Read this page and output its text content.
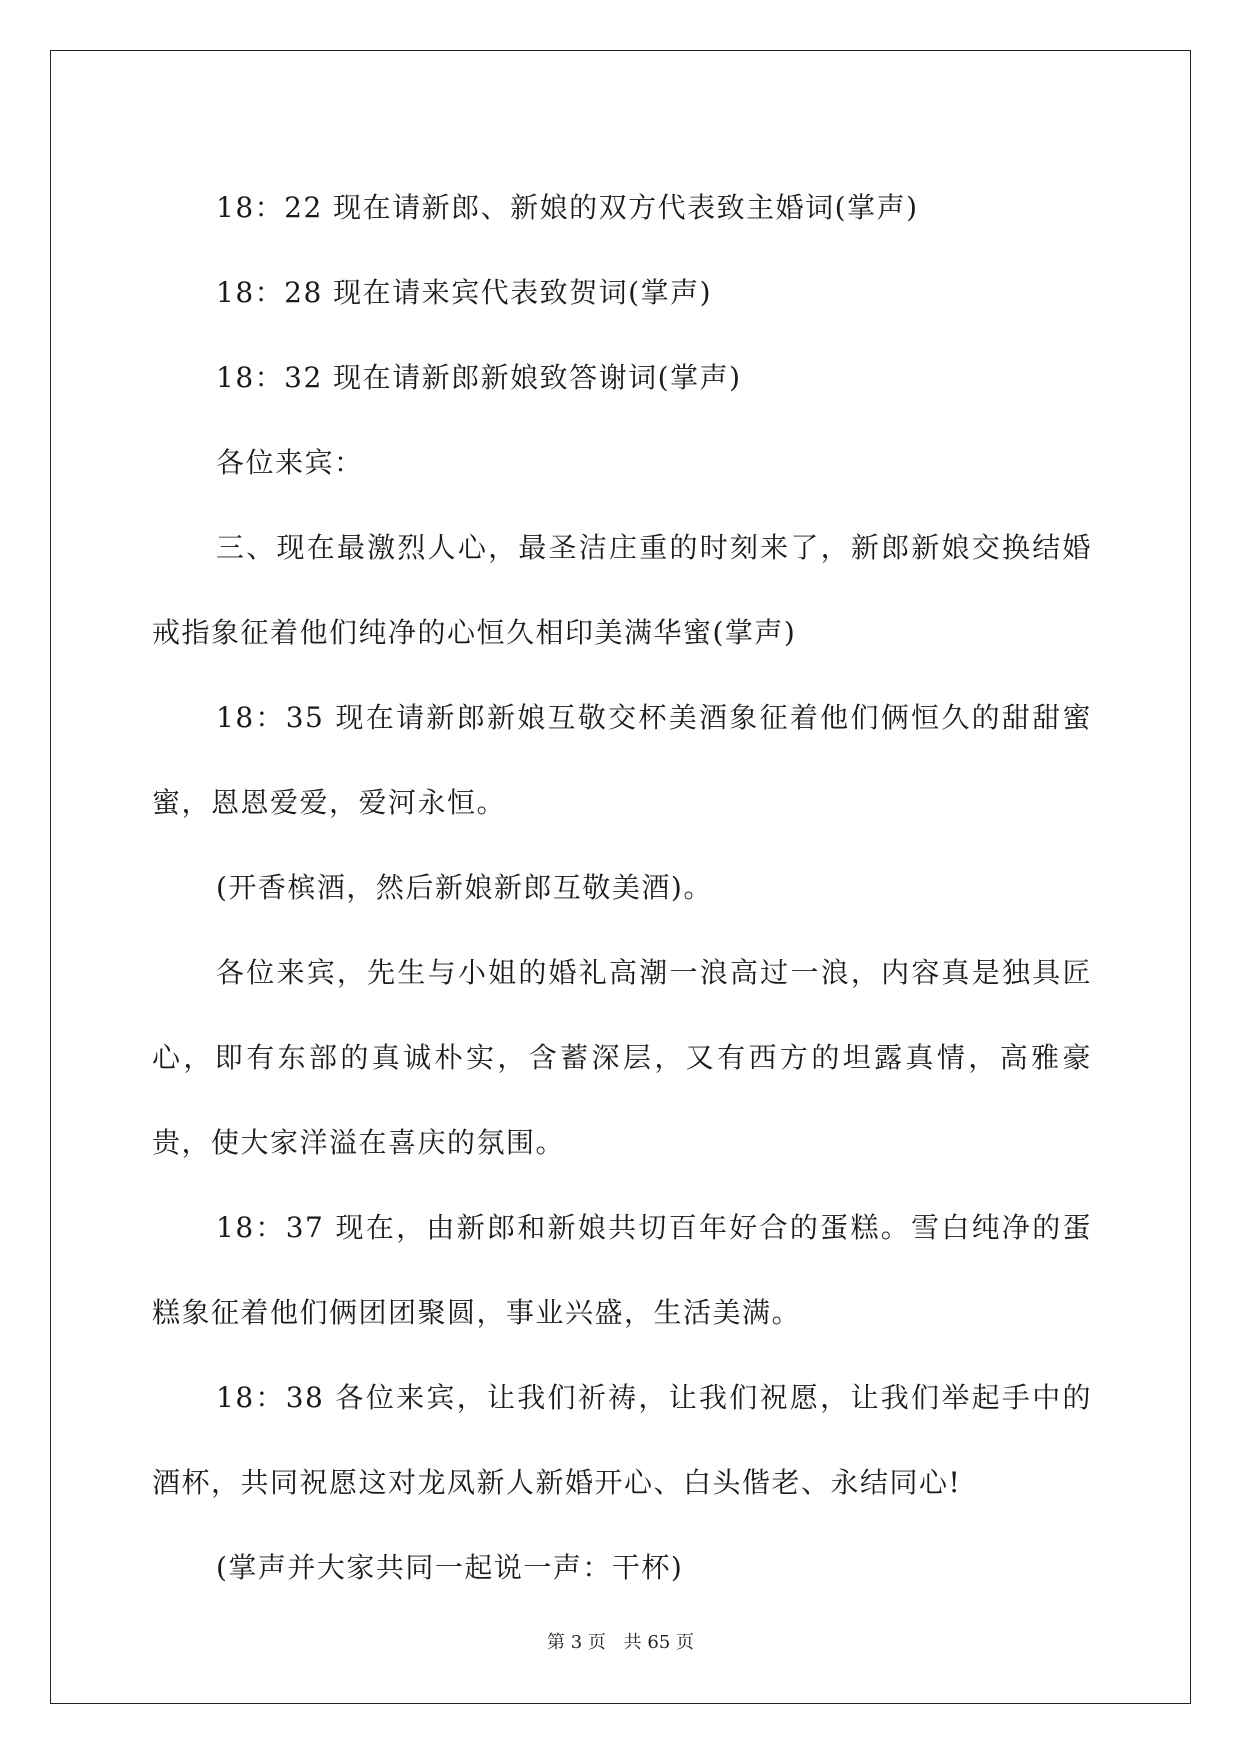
18：22 现在请新郎、新娘的双方代表致主婚词(掌声)

18：28 现在请来宾代表致贺词(掌声)

18：32 现在请新郎新娘致答谢词(掌声)

各位来宾：

三、现在最激烈人心，最圣洁庄重的时刻来了，新郎新娘交换结婚戒指象征着他们纯净的心恒久相印美满华蜜(掌声)

18：35 现在请新郎新娘互敬交杯美酒象征着他们俩恒久的甜甜蜜蜜，恩恩爱爱，爱河永恒。

(开香槟酒，然后新娘新郎互敬美酒)。

各位来宾，先生与小姐的婚礼高潮一浪高过一浪，内容真是独具匠心，即有东部的真诚朴实，含蓄深层，又有西方的坦露真情，高雅豪贵，使大家洋溢在喜庆的氛围。

18：37 现在，由新郎和新娘共切百年好合的蛋糕。雪白纯净的蛋糕象征着他们俩团团聚圆，事业兴盛，生活美满。

18：38 各位来宾，让我们祈祷，让我们祝愿，让我们举起手中的酒杯，共同祝愿这对龙凤新人新婚开心、白头偕老、永结同心!

(掌声并大家共同一起说一声：干杯)

第 3 页 共 65 页
